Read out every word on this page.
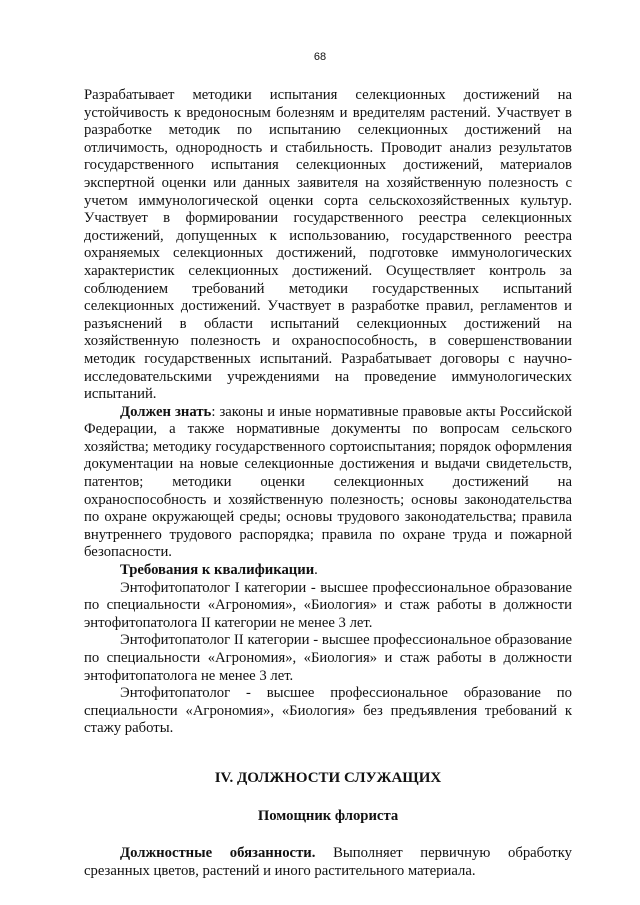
68

Разрабатывает методики испытания селекционных достижений на устойчивость к вредоносным болезням и вредителям растений. Участвует в разработке методик по испытанию селекционных достижений на отличимость, однородность и стабильность. Проводит анализ результатов государственного испытания селекционных достижений, материалов экспертной оценки или данных заявителя на хозяйственную полезность с учетом иммунологической оценки сорта сельскохозяйственных культур. Участвует в формировании государственного реестра селекционных достижений, допущенных к использованию, государственного реестра охраняемых селекционных достижений, подготовке иммунологических характеристик селекционных достижений. Осуществляет контроль за соблюдением требований методики государственных испытаний селекционных достижений. Участвует в разработке правил, регламентов и разъяснений в области испытаний селекционных достижений на хозяйственную полезность и охраноспособность, в совершенствовании методик государственных испытаний. Разрабатывает договоры с научно-исследовательскими учреждениями на проведение иммунологических испытаний.

Должен знать: законы и иные нормативные правовые акты Российской Федерации, а также нормативные документы по вопросам сельского хозяйства; методику государственного сортоиспытания; порядок оформления документации на новые селекционные достижения и выдачи свидетельств, патентов; методики оценки селекционных достижений на охраноспособность и хозяйственную полезность; основы законодательства по охране окружающей среды; основы трудового законодательства; правила внутреннего трудового распорядка; правила по охране труда и пожарной безопасности.

Требования к квалификации.

Энтофитопатолог I категории - высшее профессиональное образование по специальности «Агрономия», «Биология» и стаж работы в должности энтофитопатолога II категории не менее 3 лет.

Энтофитопатолог II категории - высшее профессиональное образование по специальности «Агрономия», «Биология» и стаж работы в должности энтофитопатолога не менее 3 лет.

Энтофитопатолог - высшее профессиональное образование по специальности «Агрономия», «Биология» без предъявления требований к стажу работы.

IV. ДОЛЖНОСТИ СЛУЖАЩИХ

Помощник флориста

Должностные обязанности. Выполняет первичную обработку срезанных цветов, растений и иного растительного материала.
